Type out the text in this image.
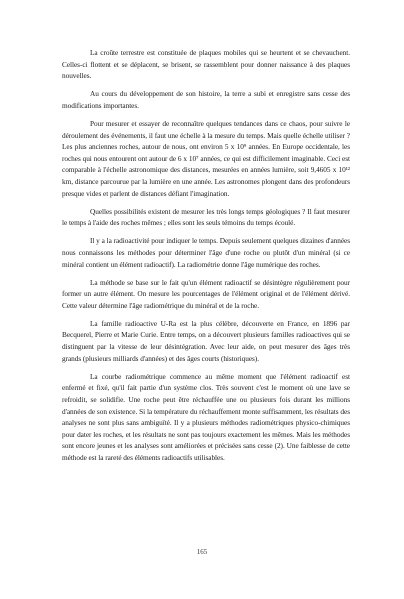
La croûte terrestre est constituée de plaques mobiles qui se heurtent et se chevauchent. Celles-ci flottent et se déplacent, se brisent, se rassemblent pour donner naissance à des plaques nouvelles.

Au cours du développement de son histoire, la terre a subi et enregistre sans cesse des modifications importantes.

Pour mesurer et essayer de reconnaître quelques tendances dans ce chaos, pour suivre le déroulement des événements, il faut une échelle à la mesure du temps. Mais quelle échelle utiliser ? Les plus anciennes roches, autour de nous, ont environ 5 x 10⁹ années. En Europe occidentale, les roches qui nous entourent ont autour de 6 x 10⁷ années, ce qui est difficilement imaginable. Ceci est comparable à l'échelle astronomique des distances, mesurées en années lumière, soit 9,4605 x 10¹² km, distance parcourue par la lumière en une année. Les astronomes plongent dans des profondeurs presque vides et parlent de distances défiant l'imagination.

Quelles possibilités existent de mesurer les très longs temps géologiques ? Il faut mesurer le temps à l'aide des roches mêmes ; elles sont les seuls témoins du temps écoulé.

Il y a la radioactivité pour indiquer le temps. Depuis seulement quelques dizaines d'années nous connaissons les méthodes pour déterminer l'âge d'une roche ou plutôt d'un minéral (si ce minéral contient un élément radioactif). La radiométrie donne l'âge numérique des roches.

La méthode se base sur le fait qu'un élément radioactif se désintègre régulièrement pour former un autre élément. On mesure les pourcentages de l'élément original et de l'élément dérivé. Cette valeur détermine l'âge radiométrique du minéral et de la roche.

La famille radioactive U-Ra est la plus célèbre, découverte en France, en 1896 par Becquerel, Pierre et Marie Curie. Entre temps, on a découvert plusieurs familles radioactives qui se distinguent par la vitesse de leur désintégration. Avec leur aide, on peut mesurer des âges très grands (plusieurs milliards d'années) et des âges courts (historiques).

La courbe radiométrique commence au même moment que l'élément radioactif est enfermé et fixé, qu'il fait partie d'un système clos. Très souvent c'est le moment où une lave se refroidit, se solidifie. Une roche peut être réchauffée une ou plusieurs fois durant les millions d'années de son existence. Si la température du réchauffement monte suffisamment, les résultats des analyses ne sont plus sans ambiguïté. Il y a plusieurs méthodes radiométriques physico-chimiques pour dater les roches, et les résultats ne sont pas toujours exactement les mêmes. Mais les méthodes sont encore jeunes et les analyses sont améliorées et précisées sans cesse (2). Une faiblesse de cette méthode est la rareté des éléments radioactifs utilisables.

165
